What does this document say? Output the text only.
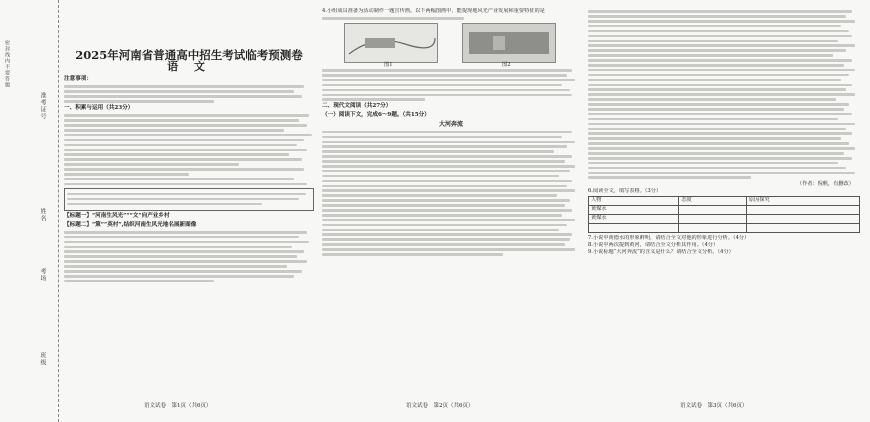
密封线内不要答题
准考证号
姓名
考场
班级
2025年河南省普通高中招生考试临考预测卷
语 文
注意事项：
一、积累与运用（共23分）
【标题一】“河南生风光”““文”向产业乡村
【标题二】“策”“英村”,结织河南生风光地名展新图像
语文试卷　第1页（共6页）
4.小组成员准备为活动制作一题宣传画。以下两幅图画中，能提现地风光产业发展和重要特征的是
图1	图2
二、现代文阅读（共27分）
（一）阅读下文，完成6～9题。（共15分）
大河奔流
语文试卷　第2页（共6页）
（作者：倪帆，有删改）
6.阅读全文，填写表格。（3分）
人物	态度	原因探究
黄煤水		
黄煤水		

7.小说中黄德水的形象鲜明，请结合全文对他的形象进行分析。（4分）
8.小说中两次提到黄河，请结合全文分析其作用。（4分）
9.小说标题“大河奔流”的含义是什么？请结合全文分析。（4分）
语文试卷　第3页（共6页）
